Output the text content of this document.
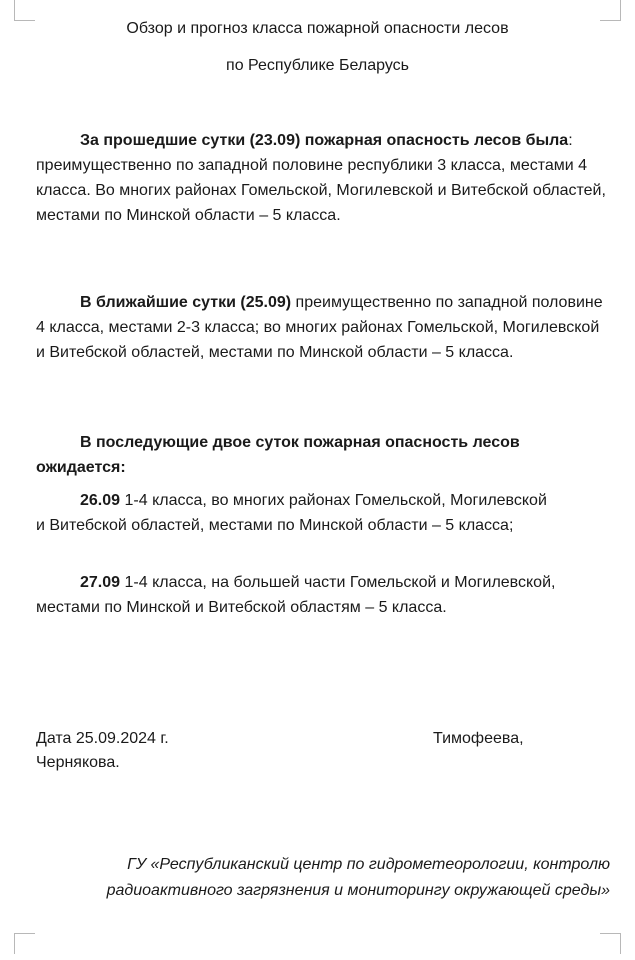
Обзор и прогноз класса пожарной опасности лесов
по Республике Беларусь
За прошедшие сутки (23.09) пожарная опасность лесов была: преимущественно по западной половине республики 3 класса, местами 4 класса. Во многих районах Гомельской, Могилевской и Витебской областей, местами по Минской области – 5 класса.
В ближайшие сутки (25.09) преимущественно по западной половине 4 класса, местами 2-3 класса; во многих районах Гомельской, Могилевской и Витебской областей, местами по Минской области – 5 класса.
В последующие двое суток пожарная опасность лесов ожидается:
26.09 1-4 класса, во многих районах Гомельской, Могилевской
и Витебской областей, местами по Минской области – 5 класса;
27.09 1-4 класса, на большей части Гомельской и Могилевской, местами по Минской и Витебской областям – 5 класса.
Дата 25.09.2024 г.	Тимофеева,
Чернякова.
ГУ «Республиканский центр по гидрометеорологии, контролю
радиоактивного загрязнения и мониторингу окружающей среды»
